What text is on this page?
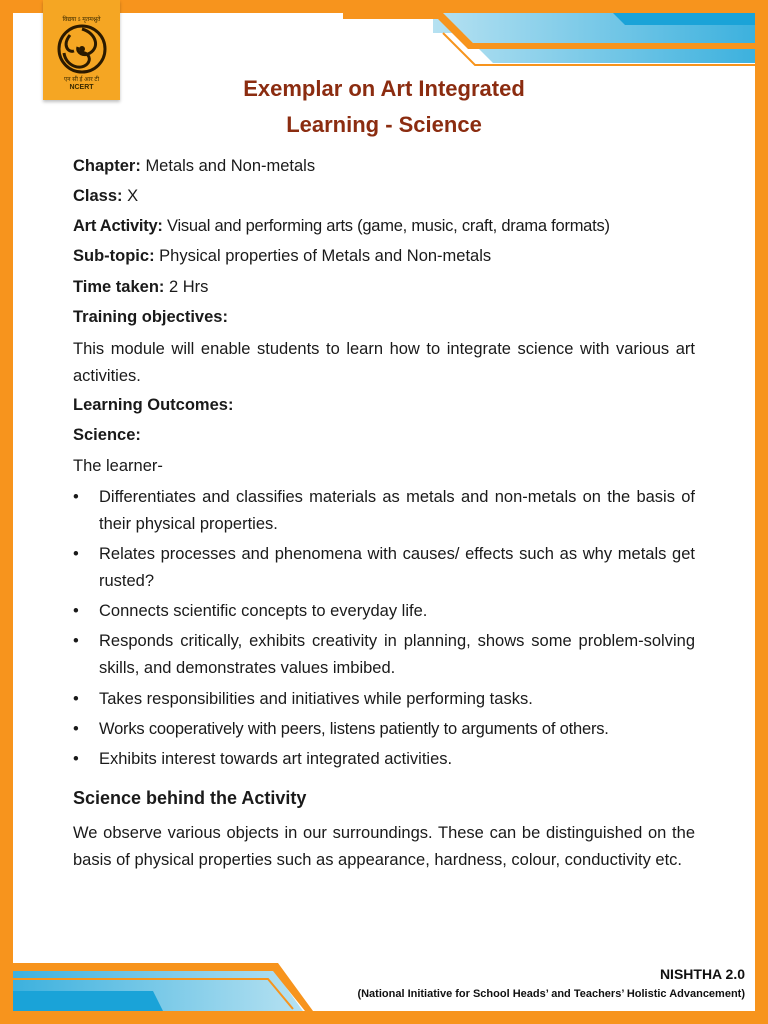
विद्यया ऽ मृतमश्नुते
एन सी ई आर टी
NCERT	Exemplar on Art Integrated
Learning - Science
Chapter: Metals and Non-metals
Class: X
Art Activity: Visual and performing arts (game, music, craft, drama formats)
Sub-topic: Physical properties of Metals and Non-metals
Time taken: 2 Hrs
Training objectives:
This module will enable students to learn how to integrate science with various art activities.
Learning Outcomes:
Science:
The learner-
• Differentiates and classifies materials as metals and non-metals on the basis of their physical properties.
• Relates processes and phenomena with causes/ effects such as why metals get rusted?
• Connects scientific concepts to everyday life.
• Responds critically, exhibits creativity in planning, shows some problem-solving skills, and demonstrates values imbibed.
• Takes responsibilities and initiatives while performing tasks.
• Works cooperatively with peers, listens patiently to arguments of others.
• Exhibits interest towards art integrated activities.
Science behind the Activity
We observe various objects in our surroundings. These can be distinguished on the basis of physical properties such as appearance, hardness, colour, conductivity etc.
NISHTHA 2.0
(National Initiative for School Heads’ and Teachers’ Holistic Advancement)
